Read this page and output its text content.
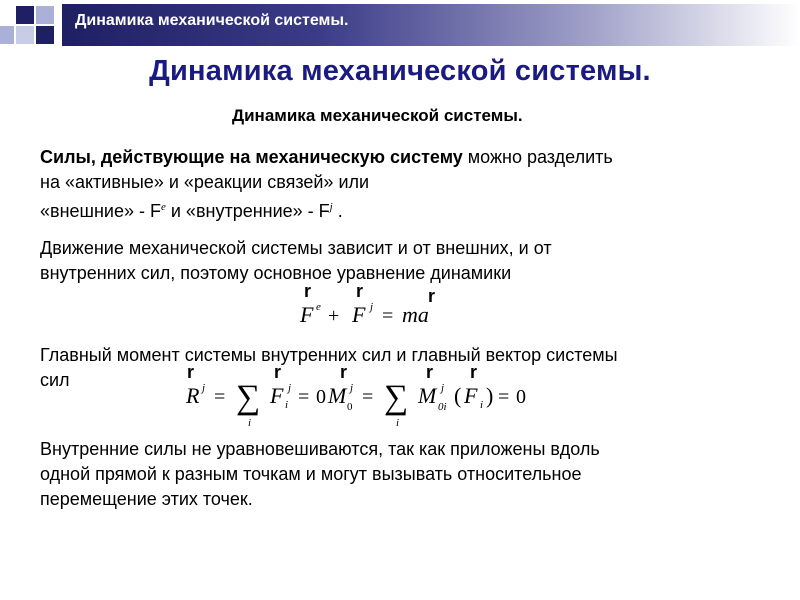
Динамика механической системы.
Динамика механической системы.
Динамика механической системы.
Силы, действующие на механическую систему можно разделить
на «активные» и «реакции связей» или
«внешние» - $F^e$ и «внутренние» - $F^j$ .
Движение механической системы зависит и от внешних, и от
внутренних сил, поэтому основное уравнение динамики
r
F e +
r
F j =
r
ma
Главный момент системы внутренних сил и главный вектор системы
сил	r
R j = ∑
i
r
F j
i = 0
r
M j
0 = ∑
i
r
M j
0i (
r
F i ) = 0
Внутренние силы не уравновешиваются, так как приложены вдоль
одной прямой к разным точкам и могут вызывать относительное
перемещение этих точек.
